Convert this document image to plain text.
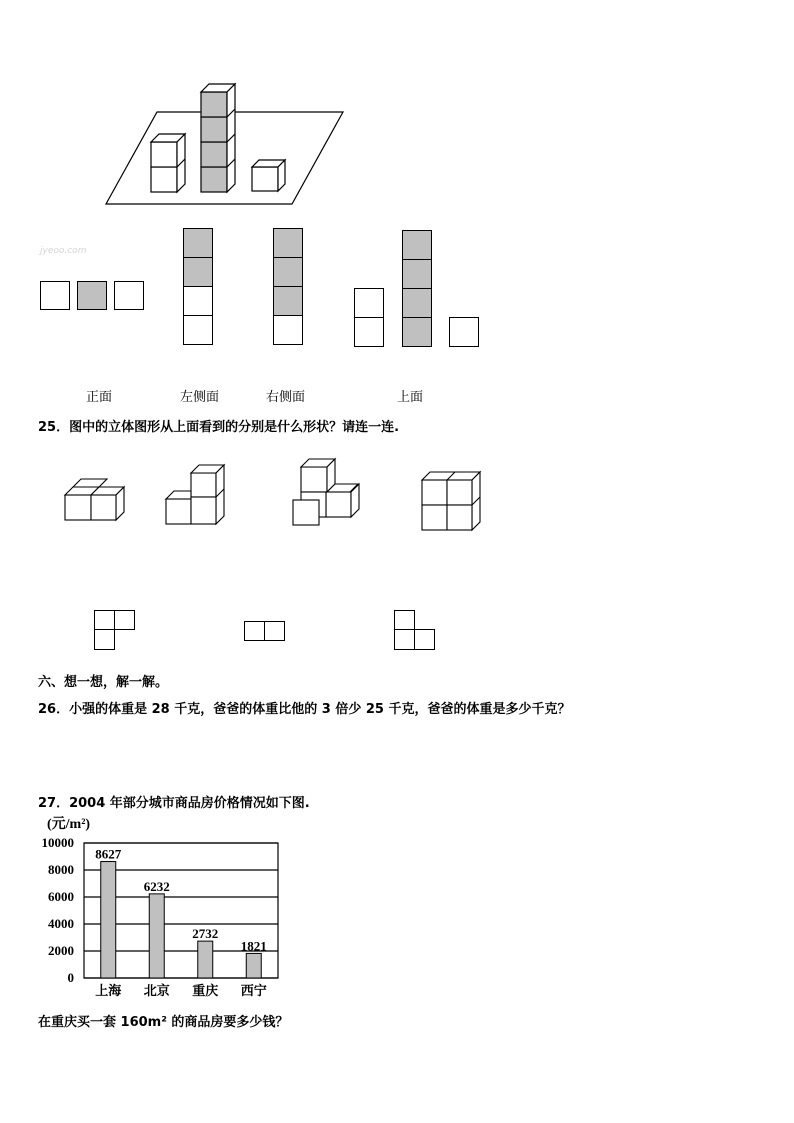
jyeoo.com
正面	左侧面	右侧面	上面
25．图中的立体图形从上面看到的分别是什么形状？请连一连.
六、想一想，解一解。
26．小强的体重是 28 千克，爸爸的体重比他的 3 倍少 25 千克，爸爸的体重是多少千克？
27．2004 年部分城市商品房价格情况如下图.
0
2000
4000
6000
8000
10000
(元/m²)
8627
上海
6232
北京
2732
重庆
1821
西宁
在重庆买一套 160m² 的商品房要多少钱？
